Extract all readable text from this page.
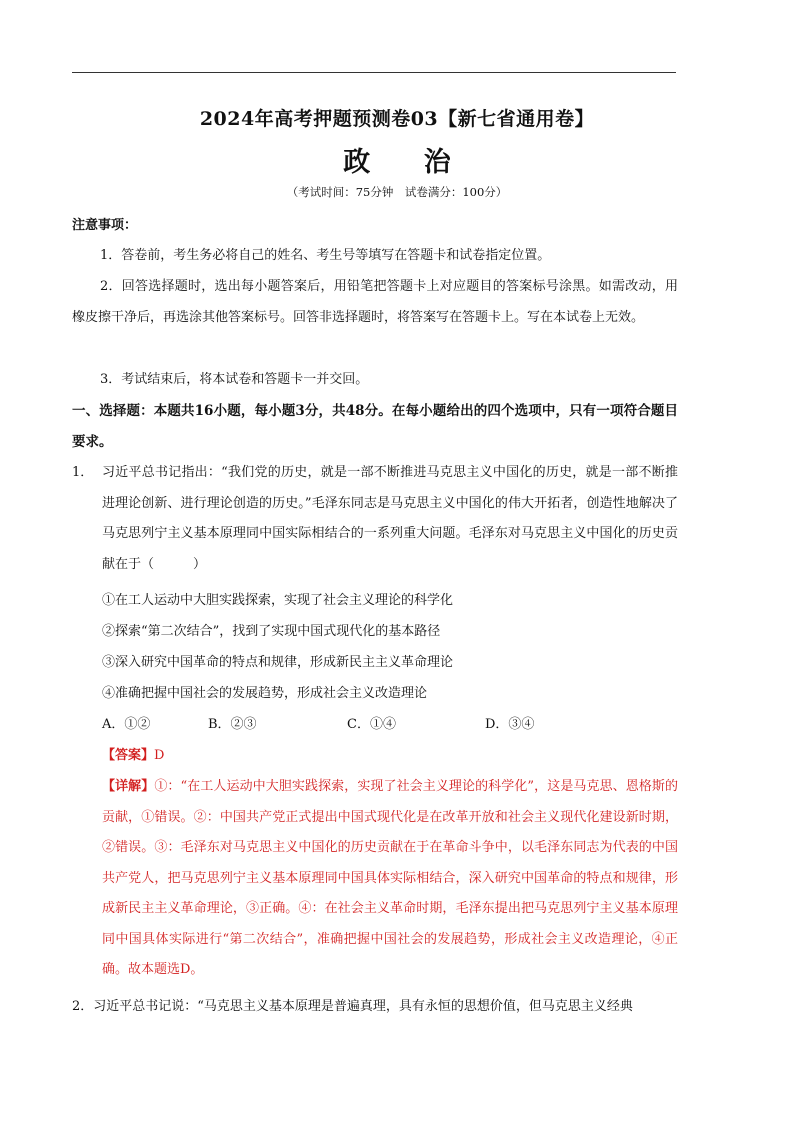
2024年高考押题预测卷03【新七省通用卷】
政 治
（考试时间：75分钟　试卷满分：100分）
注意事项：
1．答卷前，考生务必将自己的姓名、考生号等填写在答题卡和试卷指定位置。
2．回答选择题时，选出每小题答案后，用铅笔把答题卡上对应题目的答案标号涂黑。如需改动，用橡皮擦干净后，再选涂其他答案标号。回答非选择题时，将答案写在答题卡上。写在本试卷上无效。
3．考试结束后，将本试卷和答题卡一并交回。
一、选择题：本题共16小题，每小题3分，共48分。在每小题给出的四个选项中，只有一项符合题目要求。
1． 习近平总书记指出：“我们党的历史，就是一部不断推进马克思主义中国化的历史，就是一部不断推进理论创新、进行理论创造的历史。”毛泽东同志是马克思主义中国化的伟大开拓者，创造性地解决了马克思列宁主义基本原理同中国实际相结合的一系列重大问题。毛泽东对马克思主义中国化的历史贡献在于（　　　）
①在工人运动中大胆实践探索，实现了社会主义理论的科学化
②探索“第二次结合”，找到了实现中国式现代化的基本路径
③深入研究中国革命的特点和规律，形成新民主主义革命理论
④准确把握中国社会的发展趋势，形成社会主义改造理论
A．①②	B．②③	C．①④	D．③④
【答案】D
【详解】①：“在工人运动中大胆实践探索，实现了社会主义理论的科学化”，这是马克思、恩格斯的贡献，①错误。②：中国共产党正式提出中国式现代化是在改革开放和社会主义现代化建设新时期，②错误。③：毛泽东对马克思主义中国化的历史贡献在于在革命斗争中，以毛泽东同志为代表的中国共产党人，把马克思列宁主义基本原理同中国具体实际相结合，深入研究中国革命的特点和规律，形成新民主主义革命理论，③正确。④：在社会主义革命时期，毛泽东提出把马克思列宁主义基本原理同中国具体实际进行“第二次结合”，准确把握中国社会的发展趋势，形成社会主义改造理论，④正确。故本题选D。
2．习近平总书记说：“马克思主义基本原理是普遍真理，具有永恒的思想价值，但马克思主义经典
